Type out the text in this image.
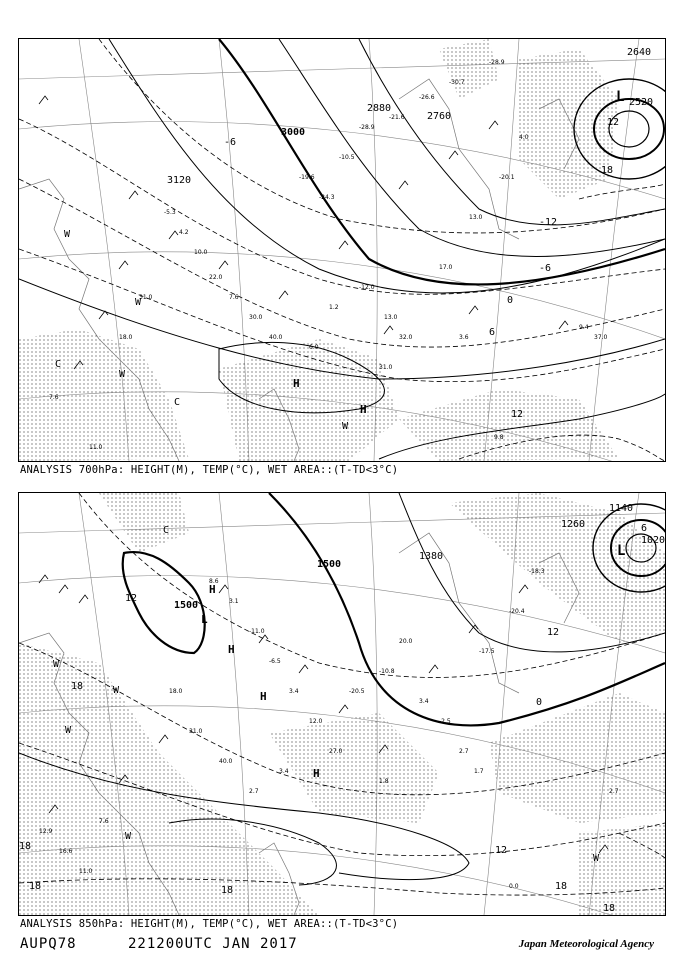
-5.3
4.2
10.0
22.0
7.6
30.0
40.0
6.0
1.2
-12.0
13.0
32.0
17.0
13.0
-20.1
4.0
-19.6
-24.3
-10.5
-28.9
-21.6
-26.6
-30.7
-28.9
31.0
18.0
7.6
11.0
9.8
9.4
37.0
31.0
3.6
3120
3000
2880
2760
2640
2520
-6
-6
0
6
12
12
18
-12
H
H
L
W
W
W
C
C
W
ANALYSIS 700hPa: HEIGHT(M), TEMP(°C), WET AREA::(T-TD<3°C)
8.6
3.1
-11.0
-6.5
3.4
12.0
27.0
-20.5
-10.8
20.0
3.4
-2.5
2.7
-17.5
-20.4
-18.3
18.0
31.0
40.0
2.7
3.4
1.8
1.7
12.9
16.6
11.0
0.0
2.7
7.6
1500
1500
1380
1260
1140
1020
12
18
18
18	18
12
6
0
12
18
18
L
H
H
H
H
L
W
W
W
C
W
W
ANALYSIS 850hPa: HEIGHT(M), TEMP(°C), WET AREA::(T-TD<3°C)
AUPQ78	221200UTC JAN 2017	Japan Meteorological Agency
